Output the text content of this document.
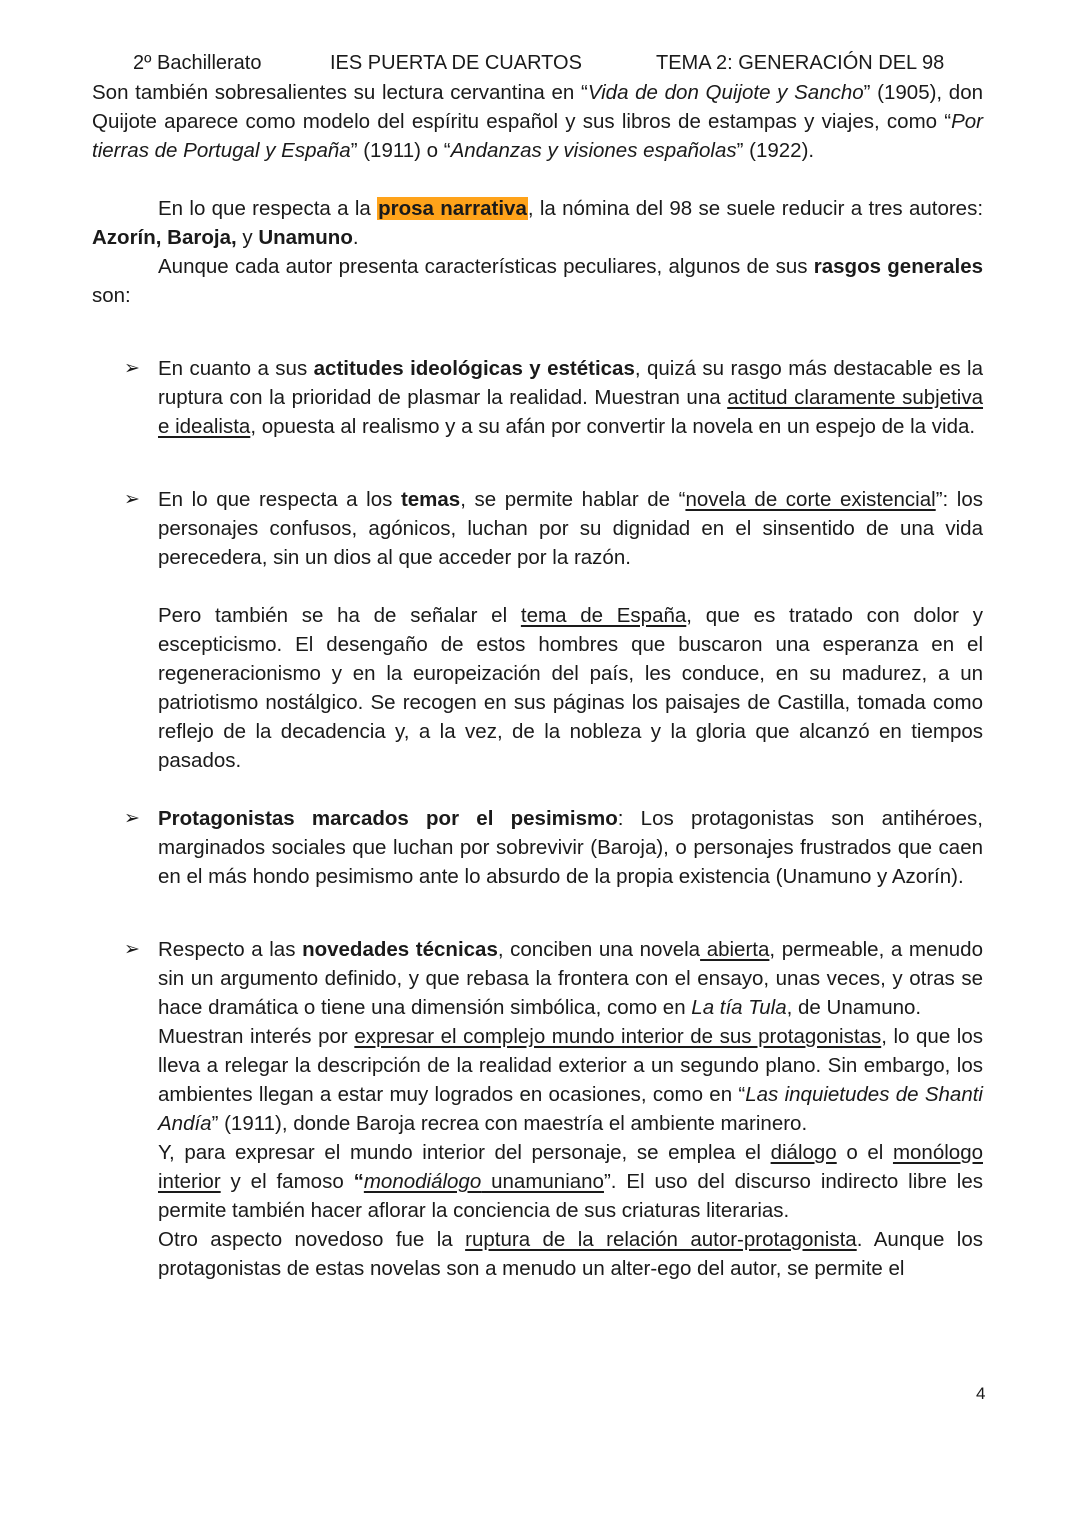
2º Bachillerato	IES PUERTA DE CUARTOS	TEMA 2: GENERACIÓN DEL 98

Son también sobresalientes su lectura cervantina en “Vida de don Quijote y Sancho” (1905), don Quijote aparece como modelo del espíritu español y sus libros de estampas y viajes, como “Por tierras de Portugal y España” (1911) o “Andanzas y visiones españolas” (1922).

En lo que respecta a la prosa narrativa, la nómina del 98 se suele reducir a tres autores: Azorín, Baroja, y Unamuno.

Aunque cada autor presenta características peculiares, algunos de sus rasgos generales son:

➢ En cuanto a sus actitudes ideológicas y estéticas, quizá su rasgo más destacable es la ruptura con la prioridad de plasmar la realidad. Muestran una actitud claramente subjetiva e idealista, opuesta al realismo y a su afán por convertir la novela en un espejo de la vida.

➢ En lo que respecta a los temas, se permite hablar de “novela de corte existencial”: los personajes confusos, agónicos, luchan por su dignidad en el sinsentido de una vida perecedera, sin un dios al que acceder por la razón.

Pero también se ha de señalar el tema de España, que es tratado con dolor y escepticismo. El desengaño de estos hombres que buscaron una esperanza en el regeneracionismo y en la europeización del país, les conduce, en su madurez, a un patriotismo nostálgico. Se recogen en sus páginas los paisajes de Castilla, tomada como reflejo de la decadencia y, a la vez, de la nobleza y la gloria que alcanzó en tiempos pasados.

➢ Protagonistas marcados por el pesimismo: Los protagonistas son antihéroes, marginados sociales que luchan por sobrevivir (Baroja), o personajes frustrados que caen en el más hondo pesimismo ante lo absurdo de la propia existencia (Unamuno y Azorín).

➢ Respecto a las novedades técnicas, conciben una novela abierta, permeable, a menudo sin un argumento definido, y que rebasa la frontera con el ensayo, unas veces, y otras se hace dramática o tiene una dimensión simbólica, como en La tía Tula, de Unamuno.

Muestran interés por expresar el complejo mundo interior de sus protagonistas, lo que los lleva a relegar la descripción de la realidad exterior a un segundo plano. Sin embargo, los ambientes llegan a estar muy logrados en ocasiones, como en “Las inquietudes de Shanti Andía” (1911), donde Baroja recrea con maestría el ambiente marinero.

Y, para expresar el mundo interior del personaje, se emplea el diálogo o el monólogo interior y el famoso “monodiálogo unamuniano”. El uso del discurso indirecto libre les permite también hacer aflorar la conciencia de sus criaturas literarias.

Otro aspecto novedoso fue la ruptura de la relación autor-protagonista. Aunque los protagonistas de estas novelas son a menudo un alter-ego del autor, se permite el

4
